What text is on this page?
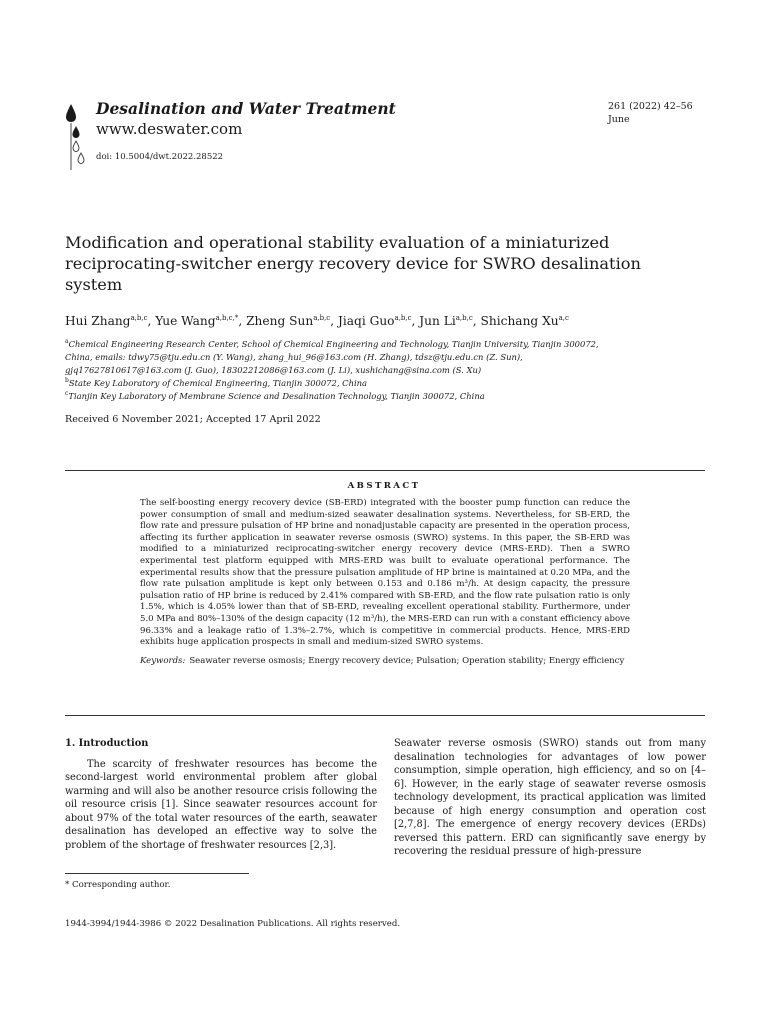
Desalination and Water Treatment
www.deswater.com
doi: 10.5004/dwt.2022.28522
261 (2022) 42–56
June
Modification and operational stability evaluation of a miniaturized reciprocating-switcher energy recovery device for SWRO desalination system
Hui Zhang$^{a,b,c}$, Yue Wang$^{a,b,c,*}$, Zheng Sun$^{a,b,c}$, Jiaqi Guo$^{a,b,c}$, Jun Li$^{a,b,c}$, Shichang Xu$^{a,c}$
$^a$Chemical Engineering Research Center, School of Chemical Engineering and Technology, Tianjin University, Tianjin 300072,
China, emails: tdwy75@tju.edu.cn (Y. Wang), zhang_hui_96@163.com (H. Zhang), tdsz@tju.edu.cn (Z. Sun),
gjq17627810617@163.com (J. Guo), 18302212086@163.com (J. Li), xushichang@sina.com (S. Xu)
$^b$State Key Laboratory of Chemical Engineering, Tianjin 300072, China
$^c$Tianjin Key Laboratory of Membrane Science and Desalination Technology, Tianjin 300072, China
Received 6 November 2021; Accepted 17 April 2022
ABSTRACT
The self-boosting energy recovery device (SB-ERD) integrated with the booster pump function can reduce the power consumption of small and medium-sized seawater desalination systems. Nevertheless, for SB-ERD, the flow rate and pressure pulsation of HP brine and nonadjustable capacity are presented in the operation process, affecting its further application in seawater reverse osmosis (SWRO) systems. In this paper, the SB-ERD was modified to a miniaturized reciprocating-switcher energy recovery device (MRS-ERD). Then a SWRO experimental test platform equipped with MRS-ERD was built to evaluate operational performance. The experimental results show that the pressure pulsation amplitude of HP brine is maintained at 0.20 MPa, and the flow rate pulsation amplitude is kept only between 0.153 and 0.186 m³/h. At design capacity, the pressure pulsation ratio of HP brine is reduced by 2.41% compared with SB-ERD, and the flow rate pulsation ratio is only 1.5%, which is 4.05% lower than that of SB-ERD, revealing excellent operational stability. Furthermore, under 5.0 MPa and 80%–130% of the design capacity (12 m³/h), the MRS-ERD can run with a constant efficiency above 96.33% and a leakage ratio of 1.3%–2.7%, which is competitive in commercial products. Hence, MRS-ERD exhibits huge application prospects in small and medium-sized SWRO systems.
Keywords: Seawater reverse osmosis; Energy recovery device; Pulsation; Operation stability; Energy efficiency
1. Introduction
The scarcity of freshwater resources has become the second-largest world environmental problem after global warming and will also be another resource crisis following the oil resource crisis [1]. Since seawater resources account for about 97% of the total water resources of the earth, seawater desalination has developed an effective way to solve the problem of the shortage of freshwater resources [2,3].
Seawater reverse osmosis (SWRO) stands out from many desalination technologies for advantages of low power consumption, simple operation, high efficiency, and so on [4–6]. However, in the early stage of seawater reverse osmosis technology development, its practical application was limited because of high energy consumption and operation cost [2,7,8]. The emergence of energy recovery devices (ERDs) reversed this pattern. ERD can significantly save energy by recovering the residual pressure of high-pressure
* Corresponding author.
1944-3994/1944-3986 © 2022 Desalination Publications. All rights reserved.
